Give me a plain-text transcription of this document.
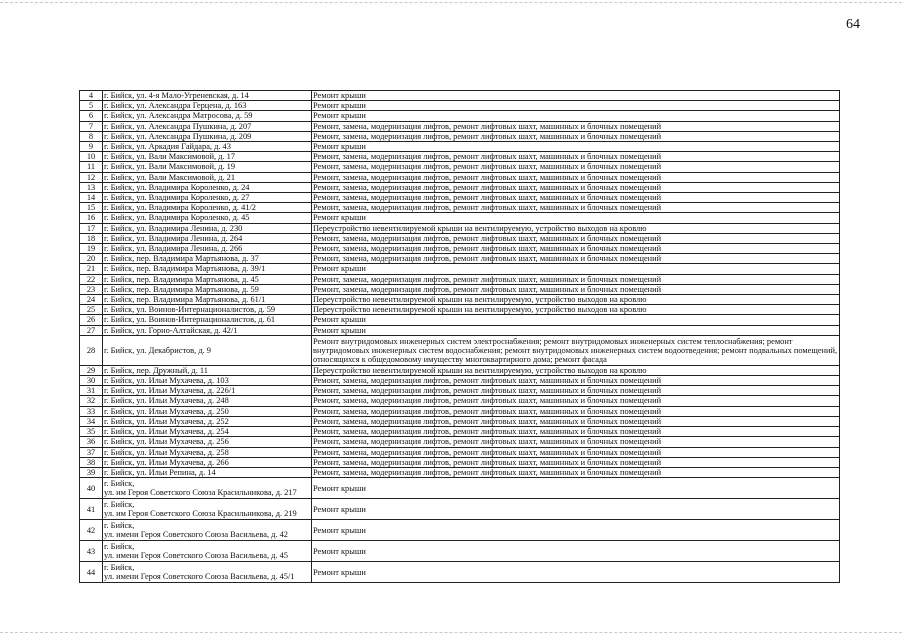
64
4	г. Бийск, ул. 4-я Мало-Угреневская, д. 14	Ремонт крыши
5	г. Бийск, ул. Александра Герцена, д. 163	Ремонт крыши
6	г. Бийск, ул. Александра Матросова, д. 59	Ремонт крыши
7	г. Бийск, ул. Александра Пушкина, д. 207	Ремонт, замена, модернизация лифтов, ремонт лифтовых шахт, машинных и блочных помещений
8	г. Бийск, ул. Александра Пушкина, д. 209	Ремонт, замена, модернизация лифтов, ремонт лифтовых шахт, машинных и блочных помещений
9	г. Бийск, ул. Аркадия Гайдара, д. 43	Ремонт крыши
10	г. Бийск, ул. Вали Максимовой, д. 17	Ремонт, замена, модернизация лифтов, ремонт лифтовых шахт, машинных и блочных помещений
11	г. Бийск, ул. Вали Максимовой, д. 19	Ремонт, замена, модернизация лифтов, ремонт лифтовых шахт, машинных и блочных помещений
12	г. Бийск, ул. Вали Максимовой, д. 21	Ремонт, замена, модернизация лифтов, ремонт лифтовых шахт, машинных и блочных помещений
13	г. Бийск, ул. Владимира Короленко, д. 24	Ремонт, замена, модернизация лифтов, ремонт лифтовых шахт, машинных и блочных помещений
14	г. Бийск, ул. Владимира Короленко, д. 27	Ремонт, замена, модернизация лифтов, ремонт лифтовых шахт, машинных и блочных помещений
15	г. Бийск, ул. Владимира Короленко, д. 41/2	Ремонт, замена, модернизация лифтов, ремонт лифтовых шахт, машинных и блочных помещений
16	г. Бийск, ул. Владимира Короленко, д. 45	Ремонт крыши
17	г. Бийск, ул. Владимира Ленина, д. 230	Переустройство невентилируемой крыши на вентилируемую, устройство выходов на кровлю
18	г. Бийск, ул. Владимира Ленина, д. 264	Ремонт, замена, модернизация лифтов, ремонт лифтовых шахт, машинных и блочных помещений
19	г. Бийск, ул. Владимира Ленина, д. 266	Ремонт, замена, модернизация лифтов, ремонт лифтовых шахт, машинных и блочных помещений
20	г. Бийск, пер. Владимира Мартьянова, д. 37	Ремонт, замена, модернизация лифтов, ремонт лифтовых шахт, машинных и блочных помещений
21	г. Бийск, пер. Владимира Мартьянова, д. 39/1	Ремонт крыши
22	г. Бийск, пер. Владимира Мартьянова, д. 45	Ремонт, замена, модернизация лифтов, ремонт лифтовых шахт, машинных и блочных помещений
23	г. Бийск, пер. Владимира Мартьянова, д. 59	Ремонт, замена, модернизация лифтов, ремонт лифтовых шахт, машинных и блочных помещений
24	г. Бийск, пер. Владимира Мартьянова, д. 61/1	Переустройство невентилируемой крыши на вентилируемую, устройство выходов на кровлю
25	г. Бийск, ул. Воинов-Интернационалистов, д. 59	Переустройство невентилируемой крыши на вентилируемую, устройство выходов на кровлю
26	г. Бийск, ул. Воинов-Интернационалистов, д. 61	Ремонт крыши
27	г. Бийск, ул. Горно-Алтайская, д. 42/1	Ремонт крыши
28	г. Бийск, ул. Декабристов, д. 9	Ремонт внутридомовых инженерных систем электроснабжения; ремонт внутридомовых инженерных систем теплоснабжения; ремонт внутридомовых инженерных систем водоснабжения; ремонт внутридомовых инженерных систем водоотведения; ремонт подвальных помещений, относящихся к общедомовому имуществу многоквартирного дома; ремонт фасада
29	г. Бийск, пер. Дружный, д. 11	Переустройство невентилируемой крыши на вентилируемую, устройство выходов на кровлю
30	г. Бийск, ул. Ильи Мухачева, д. 103	Ремонт, замена, модернизация лифтов, ремонт лифтовых шахт, машинных и блочных помещений
31	г. Бийск, ул. Ильи Мухачева, д. 226/1	Ремонт, замена, модернизация лифтов, ремонт лифтовых шахт, машинных и блочных помещений
32	г. Бийск, ул. Ильи Мухачева, д. 248	Ремонт, замена, модернизация лифтов, ремонт лифтовых шахт, машинных и блочных помещений
33	г. Бийск, ул. Ильи Мухачева, д. 250	Ремонт, замена, модернизация лифтов, ремонт лифтовых шахт, машинных и блочных помещений
34	г. Бийск, ул. Ильи Мухачева, д. 252	Ремонт, замена, модернизация лифтов, ремонт лифтовых шахт, машинных и блочных помещений
35	г. Бийск, ул. Ильи Мухачева, д. 254	Ремонт, замена, модернизация лифтов, ремонт лифтовых шахт, машинных и блочных помещений
36	г. Бийск, ул. Ильи Мухачева, д. 256	Ремонт, замена, модернизация лифтов, ремонт лифтовых шахт, машинных и блочных помещений
37	г. Бийск, ул. Ильи Мухачева, д. 258	Ремонт, замена, модернизация лифтов, ремонт лифтовых шахт, машинных и блочных помещений
38	г. Бийск, ул. Ильи Мухачева, д. 266	Ремонт, замена, модернизация лифтов, ремонт лифтовых шахт, машинных и блочных помещений
39	г. Бийск, ул. Ильи Репина, д. 14	Ремонт, замена, модернизация лифтов, ремонт лифтовых шахт, машинных и блочных помещений
40	г. Бийск,
ул. им Героя Советского Союза Красильникова, д. 217	Ремонт крыши
41	г. Бийск,
ул. им Героя Советского Союза Красильникова, д. 219	Ремонт крыши
42	г. Бийск,
ул. имени Героя Советского Союза Васильева, д. 42	Ремонт крыши
43	г. Бийск,
ул. имени Героя Советского Союза Васильева, д. 45	Ремонт крыши
44	г. Бийск,
ул. имени Героя Советского Союза Васильева, д. 45/1	Ремонт крыши
